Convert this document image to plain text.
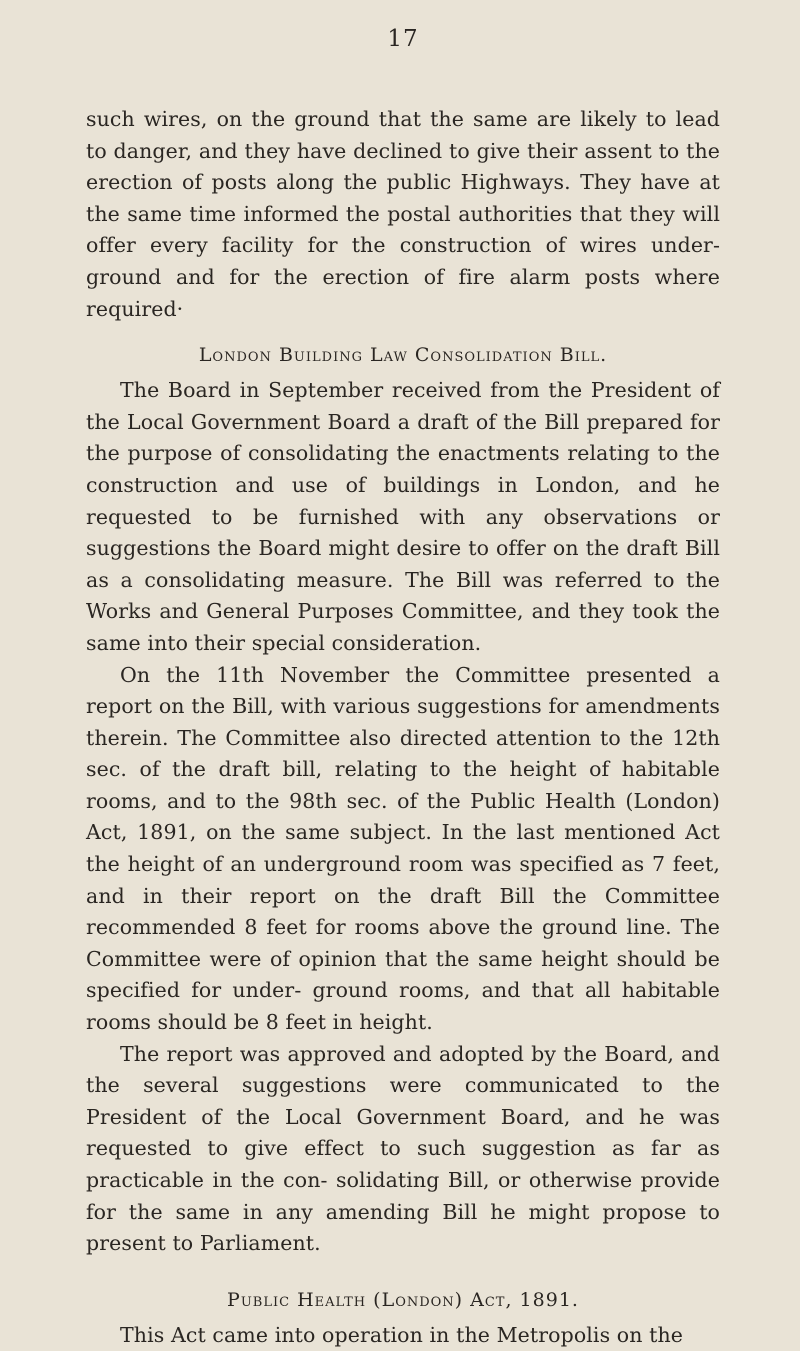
17

such wires, on the ground that the same are likely to lead to danger, and they have declined to give their assent to the erection of posts along the public Highways. They have at the same time informed the postal authorities that they will offer every facility for the construction of wires under- ground and for the erection of fire alarm posts where required·

London Building Law Consolidation Bill.

The Board in September received from the President of the Local Government Board a draft of the Bill prepared for the purpose of consolidating the enactments relating to the construction and use of buildings in London, and he requested to be furnished with any observations or suggestions the Board might desire to offer on the draft Bill as a consolidating measure. The Bill was referred to the Works and General Purposes Committee, and they took the same into their special consideration.

On the 11th November the Committee presented a report on the Bill, with various suggestions for amendments therein. The Committee also directed attention to the 12th sec. of the draft bill, relating to the height of habitable rooms, and to the 98th sec. of the Public Health (London) Act, 1891, on the same subject. In the last mentioned Act the height of an underground room was specified as 7 feet, and in their report on the draft Bill the Committee recommended 8 feet for rooms above the ground line. The Committee were of opinion that the same height should be specified for under- ground rooms, and that all habitable rooms should be 8 feet in height.

The report was approved and adopted by the Board, and the several suggestions were communicated to the President of the Local Government Board, and he was requested to give effect to such suggestion as far as practicable in the con- solidating Bill, or otherwise provide for the same in any amending Bill he might propose to present to Parliament.

Public Health (London) Act, 1891.

This Act came into operation in the Metropolis on the
